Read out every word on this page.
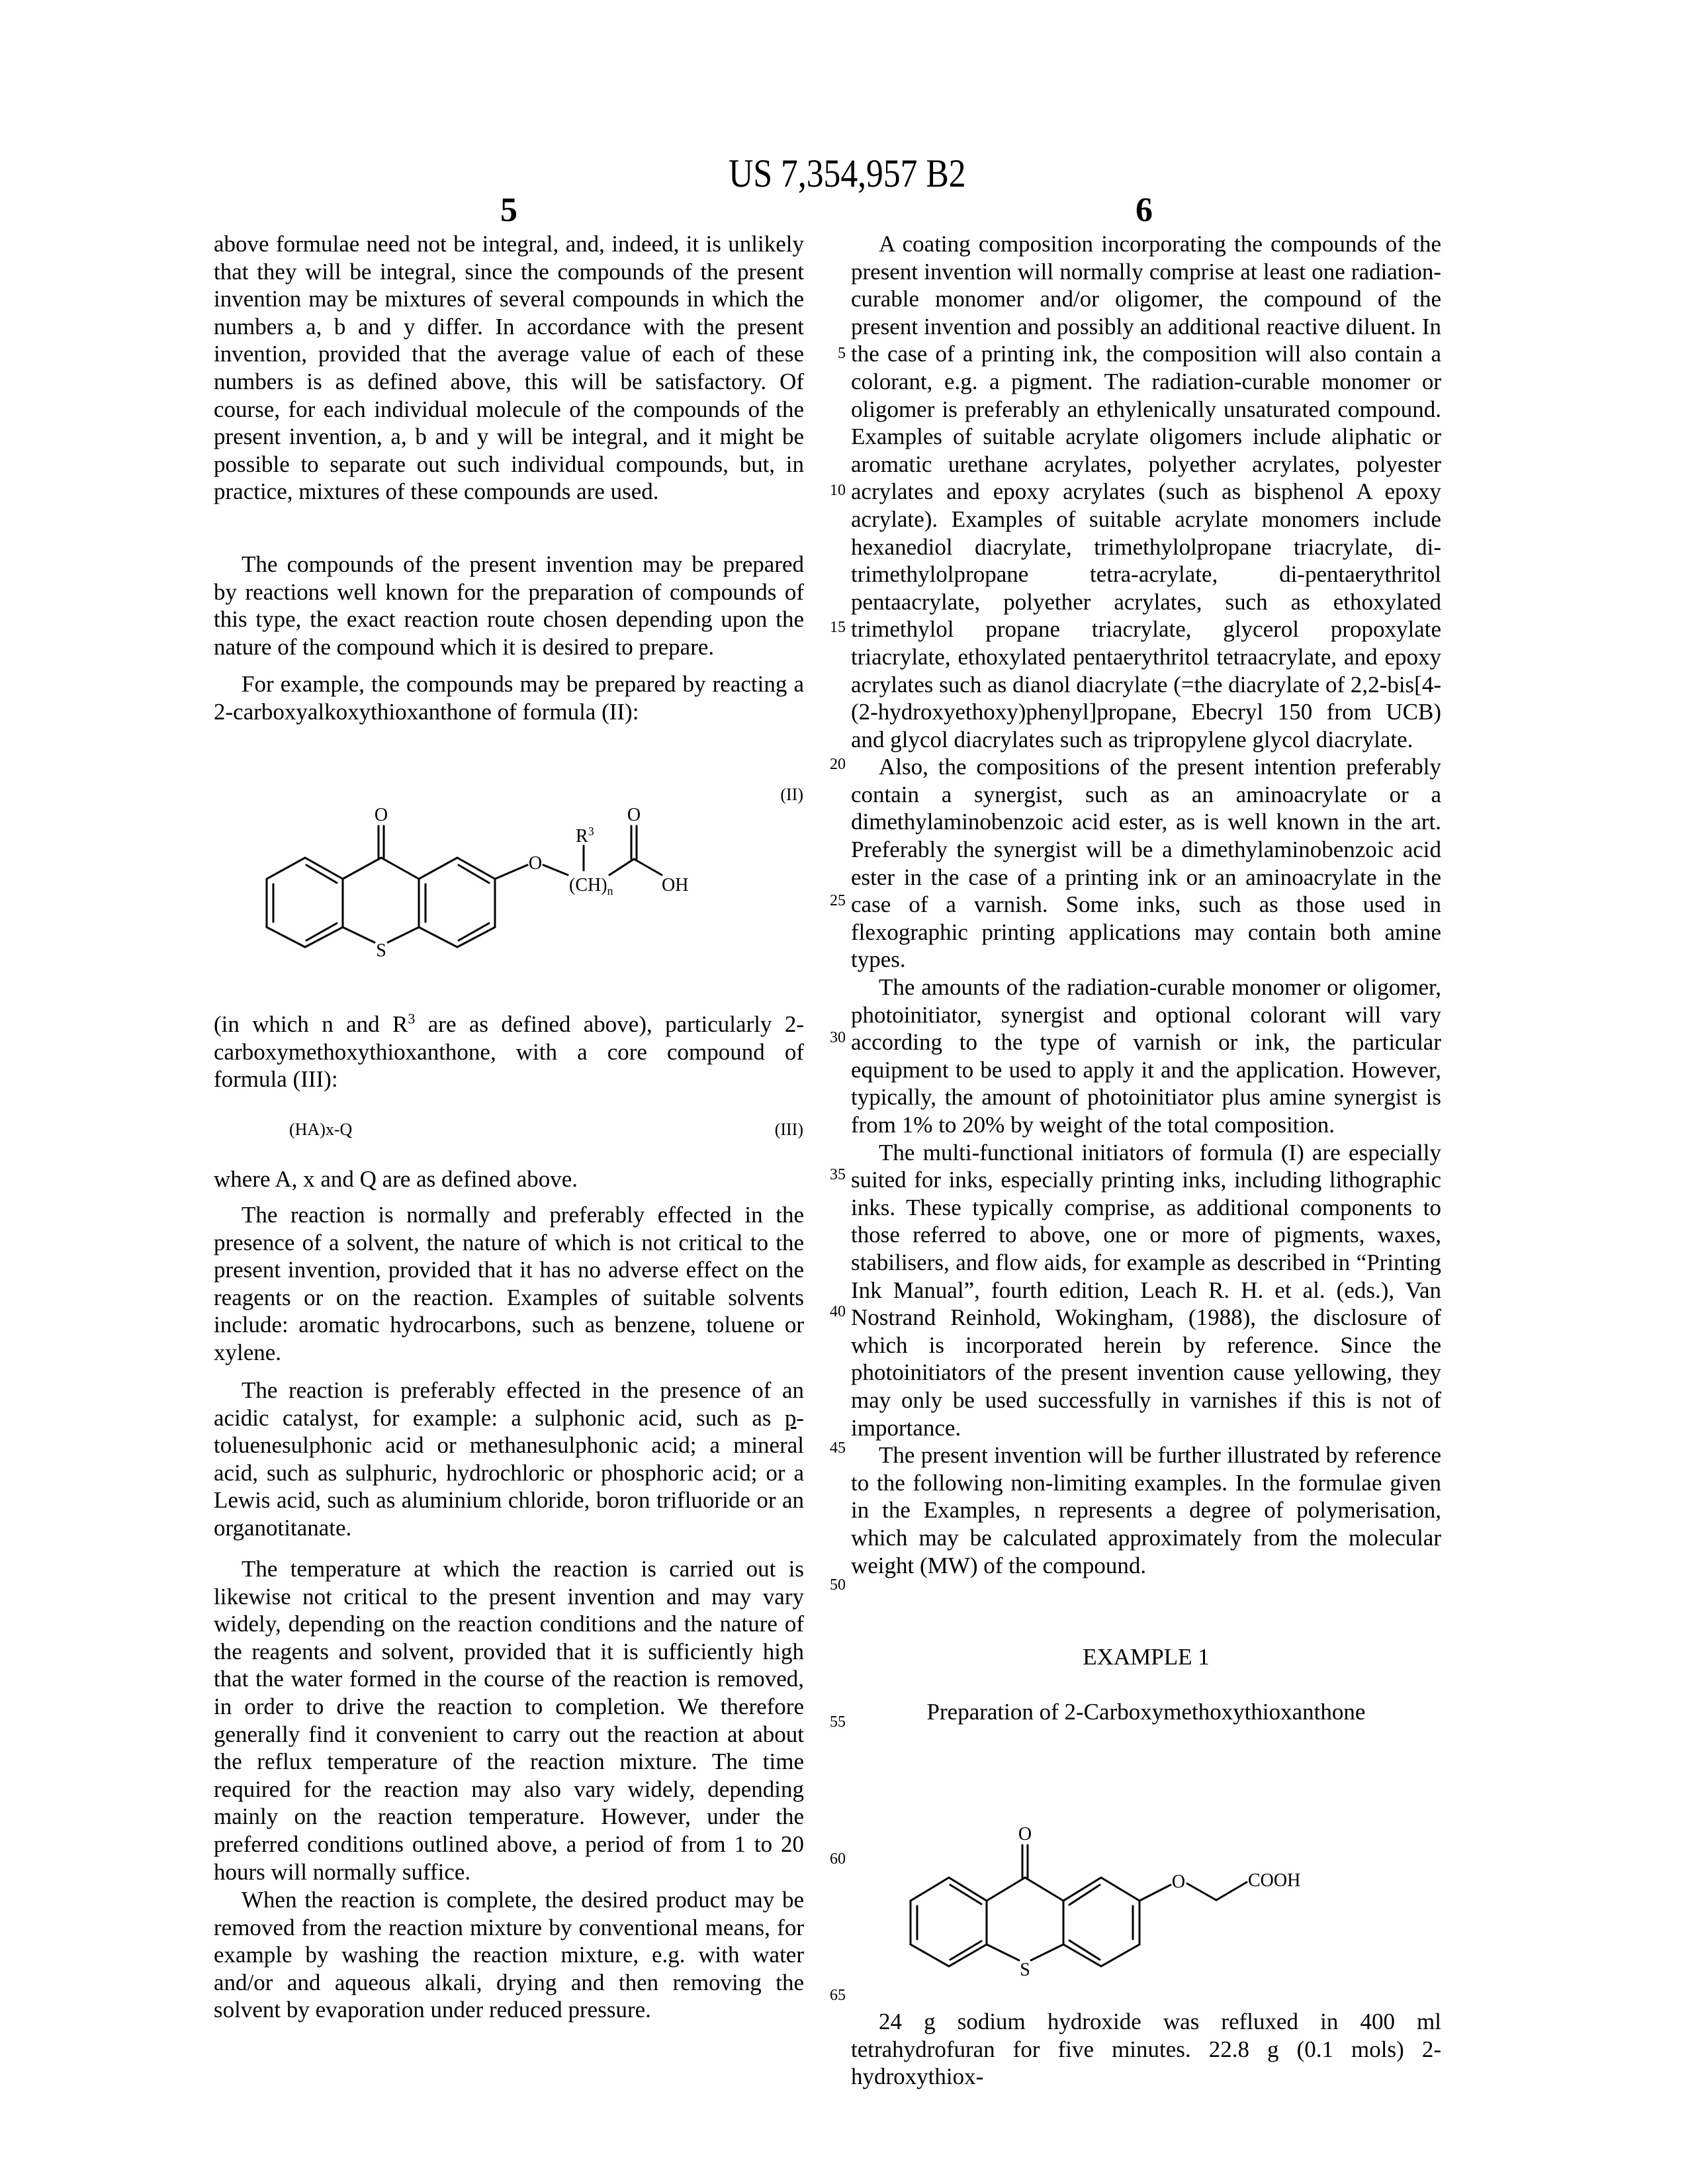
US 7,354,957 B2
5	6
5
10
15
20
25
30
35
40
45
50
55
60
65
above formulae need not be integral, and, indeed, it is unlikely that they will be integral, since the compounds of the present invention may be mixtures of several compounds in which the numbers a, b and y differ. In accordance with the present invention, provided that the average value of each of these numbers is as defined above, this will be satisfactory. Of course, for each individual molecule of the compounds of the present invention, a, b and y will be integral, and it might be possible to separate out such individual compounds, but, in practice, mixtures of these compounds are used.
The compounds of the present invention may be prepared by reactions well known for the preparation of compounds of this type, the exact reaction route chosen depending upon the nature of the compound which it is desired to prepare.
For example, the compounds may be prepared by reacting a 2-carboxyalkoxythioxanthone of formula (II):
(II)
O
S
O
R3
(CH)n
O
OH
(in which n and R3 are as defined above), particularly 2-carboxymethoxythioxanthone, with a core compound of formula (III):
(HA)x-Q	(III)
where A, x and Q are as defined above.
The reaction is normally and preferably effected in the presence of a solvent, the nature of which is not critical to the present invention, provided that it has no adverse effect on the reagents or on the reaction. Examples of suitable solvents include: aromatic hydrocarbons, such as benzene, toluene or xylene.
The reaction is preferably effected in the presence of an acidic catalyst, for example: a sulphonic acid, such as p-toluenesulphonic acid or methanesulphonic acid; a mineral acid, such as sulphuric, hydrochloric or phosphoric acid; or a Lewis acid, such as aluminium chloride, boron trifluoride or an organotitanate.
The temperature at which the reaction is carried out is likewise not critical to the present invention and may vary widely, depending on the reaction conditions and the nature of the reagents and solvent, provided that it is sufficiently high that the water formed in the course of the reaction is removed, in order to drive the reaction to completion. We therefore generally find it convenient to carry out the reaction at about the reflux temperature of the reaction mixture. The time required for the reaction may also vary widely, depending mainly on the reaction temperature. However, under the preferred conditions outlined above, a period of from 1 to 20 hours will normally suffice.
When the reaction is complete, the desired product may be removed from the reaction mixture by conventional means, for example by washing the reaction mixture, e.g. with water and/or and aqueous alkali, drying and then removing the solvent by evaporation under reduced pressure.

A coating composition incorporating the compounds of the present invention will normally comprise at least one radiation-curable monomer and/or oligomer, the compound of the present invention and possibly an additional reactive diluent. In the case of a printing ink, the composition will also contain a colorant, e.g. a pigment. The radiation-curable monomer or oligomer is preferably an ethylenically unsaturated compound. Examples of suitable acrylate oligomers include aliphatic or aromatic urethane acrylates, polyether acrylates, polyester acrylates and epoxy acrylates (such as bisphenol A epoxy acrylate). Examples of suitable acrylate monomers include hexanediol diacrylate, trimethylolpropane triacrylate, di-trimethylolpropane tetra-acrylate, di-pentaerythritol pentaacrylate, polyether acrylates, such as ethoxylated trimethylol propane triacrylate, glycerol propoxylate triacrylate, ethoxylated pentaerythritol tetraacrylate, and epoxy acrylates such as dianol diacrylate (=the diacrylate of 2,2-bis[4-(2-hydroxyethoxy)phenyl]propane, Ebecryl 150 from UCB) and glycol diacrylates such as tripropylene glycol diacrylate.

Also, the compositions of the present intention preferably contain a synergist, such as an aminoacrylate or a dimethylaminobenzoic acid ester, as is well known in the art. Preferably the synergist will be a dimethylaminobenzoic acid ester in the case of a printing ink or an aminoacrylate in the case of a varnish. Some inks, such as those used in flexographic printing applications may contain both amine types.

The amounts of the radiation-curable monomer or oligomer, photoinitiator, synergist and optional colorant will vary according to the type of varnish or ink, the particular equipment to be used to apply it and the application. However, typically, the amount of photoinitiator plus amine synergist is from 1% to 20% by weight of the total composition.

The multi-functional initiators of formula (I) are especially suited for inks, especially printing inks, including lithographic inks. These typically comprise, as additional components to those referred to above, one or more of pigments, waxes, stabilisers, and flow aids, for example as described in “Printing Ink Manual”, fourth edition, Leach R. H. et al. (eds.), Van Nostrand Reinhold, Wokingham, (1988), the disclosure of which is incorporated herein by reference. Since the photoinitiators of the present invention cause yellowing, they may only be used successfully in varnishes if this is not of importance.

The present invention will be further illustrated by reference to the following non-limiting examples. In the formulae given in the Examples, n represents a degree of polymerisation, which may be calculated approximately from the molecular weight (MW) of the compound.

EXAMPLE 1
Preparation of 2-Carboxymethoxythioxanthone
O
S
O	COOH
24 g sodium hydroxide was refluxed in 400 ml tetrahydrofuran for five minutes. 22.8 g (0.1 mols) 2-hydroxythiox-
